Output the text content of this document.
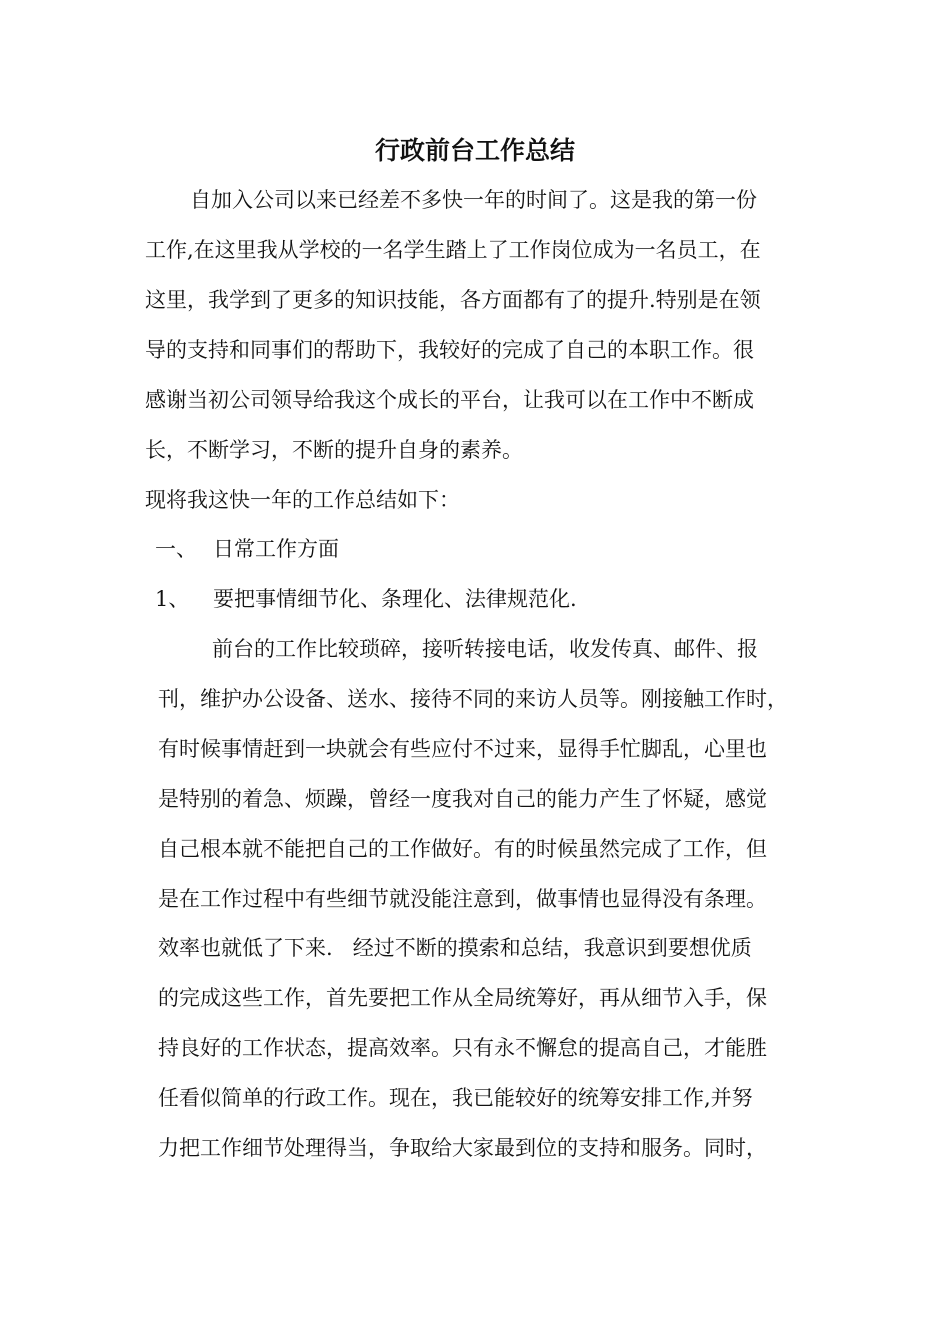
行政前台工作总结
自加入公司以来已经差不多快一年的时间了。这是我的第一份
工作,在这里我从学校的一名学生踏上了工作岗位成为一名员工，在
这里，我学到了更多的知识技能，各方面都有了的提升.特别是在领
导的支持和同事们的帮助下，我较好的完成了自己的本职工作。很
感谢当初公司领导给我这个成长的平台，让我可以在工作中不断成
长，不断学习，不断的提升自身的素养。
现将我这快一年的工作总结如下：
一、 日常工作方面
1、 要把事情细节化、条理化、法律规范化.
前台的工作比较琐碎，接听转接电话，收发传真、邮件、报
刊，维护办公设备、送水、接待不同的来访人员等。刚接触工作时，
有时候事情赶到一块就会有些应付不过来，显得手忙脚乱，心里也
是特别的着急、烦躁，曾经一度我对自己的能力产生了怀疑，感觉
自己根本就不能把自己的工作做好。有的时候虽然完成了工作，但
是在工作过程中有些细节就没能注意到，做事情也显得没有条理。
效率也就低了下来.   经过不断的摸索和总结，我意识到要想优质
的完成这些工作，首先要把工作从全局统筹好，再从细节入手，保
持良好的工作状态，提高效率。只有永不懈怠的提高自己，才能胜
任看似简单的行政工作。现在，我已能较好的统筹安排工作,并努
力把工作细节处理得当，争取给大家最到位的支持和服务。同时，
